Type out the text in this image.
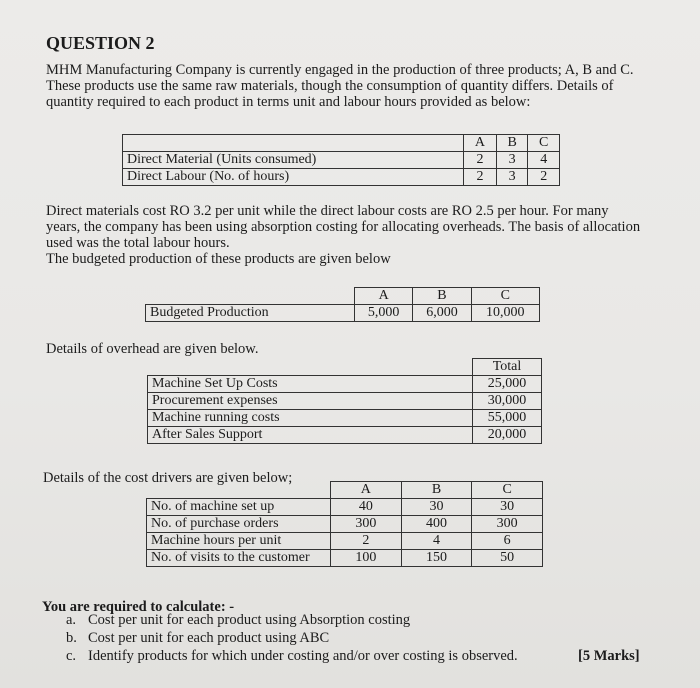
QUESTION 2
MHM Manufacturing Company is currently engaged in the production of three products; A, B and C. These products use the same raw materials, though the consumption of quantity differs. Details of quantity required to each product in terms unit and labour hours provided as below:
	A	B	C
Direct Material (Units consumed)	2	3	4
Direct Labour (No. of hours)	2	3	2
Direct materials cost RO 3.2 per unit while the direct labour costs are RO 2.5 per hour. For many years, the company has been using absorption costing for allocating overheads. The basis of allocation used was the total labour hours.
The budgeted production of these products are given below
	A	B	C
Budgeted Production	5,000	6,000	10,000
Details of overhead are given below.
	Total
Machine Set Up Costs	25,000
Procurement expenses	30,000
Machine running costs	55,000
After Sales Support	20,000
Details of the cost drivers are given below;
	A	B	C
No. of machine set up	40	30	30
No. of purchase orders	300	400	300
Machine hours per unit	2	4	6
No. of visits to the customer	100	150	50
You are required to calculate: -
a. Cost per unit for each product using Absorption costing
b. Cost per unit for each product using ABC
c. Identify products for which under costing and/or over costing is observed.	[5 Marks]
